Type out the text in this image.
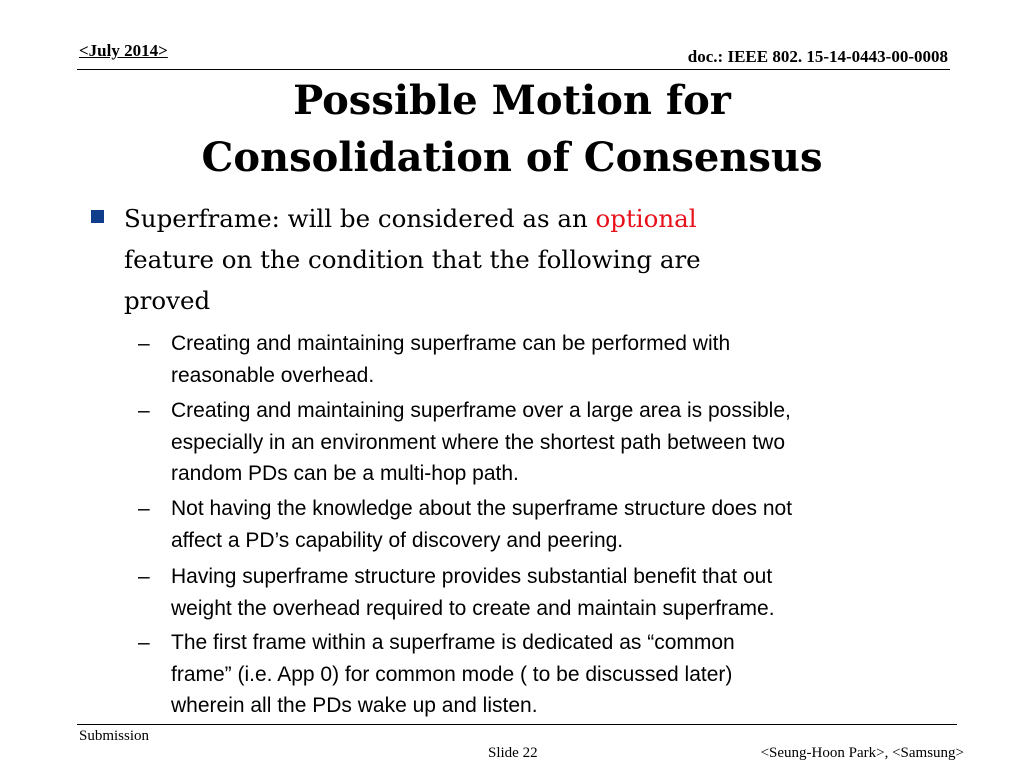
<July 2014>	doc.: IEEE 802. 15-14-0443-00-0008
Possible Motion for
Consolidation of Consensus
Superframe: will be considered as an optional
feature on the condition that the following are
proved
–	Creating and maintaining superframe can be performed with
reasonable overhead.
–	Creating and maintaining superframe over a large area is possible,
especially in an environment where the shortest path between two
random PDs can be a multi-hop path.
–	Not having the knowledge about the superframe structure does not
affect a PD’s capability of discovery and peering.
–	Having superframe structure provides substantial benefit that out
weight the overhead required to create and maintain superframe.
–	The first frame within a superframe is dedicated as “common
frame” (i.e. App 0) for common mode ( to be discussed later)
wherein all the PDs wake up and listen.
Submission
Slide 22	<Seung-Hoon Park>, <Samsung>
